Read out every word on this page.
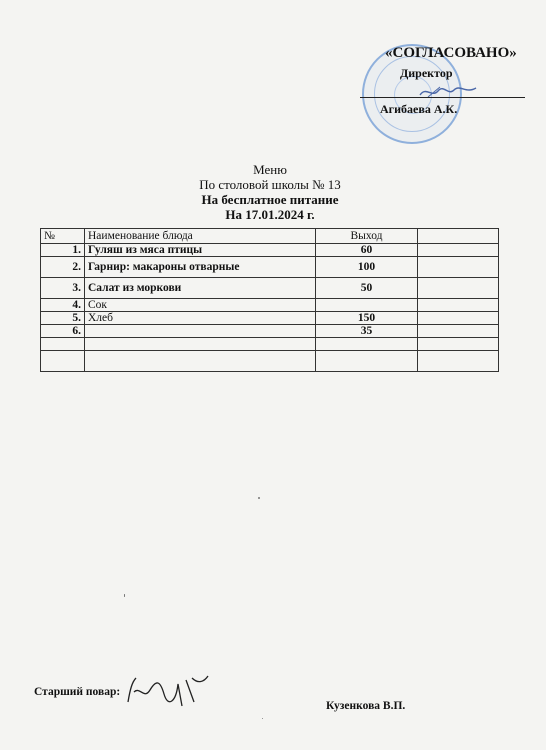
«СОГЛАСОВАНО»
Директор
Агибаева А.К.
Меню
По столовой школы № 13
На бесплатное питание
На 17.01.2024 г.
№	Наименование блюда	Выход	
1.	Гуляш из мяса птицы	60	
2.	Гарнир: макароны отварные	100	
3.	Салат из моркови	50	
4.	Сок		
5.	Хлеб	150	
6.		35	

Старший повар:
Кузенкова В.П.
